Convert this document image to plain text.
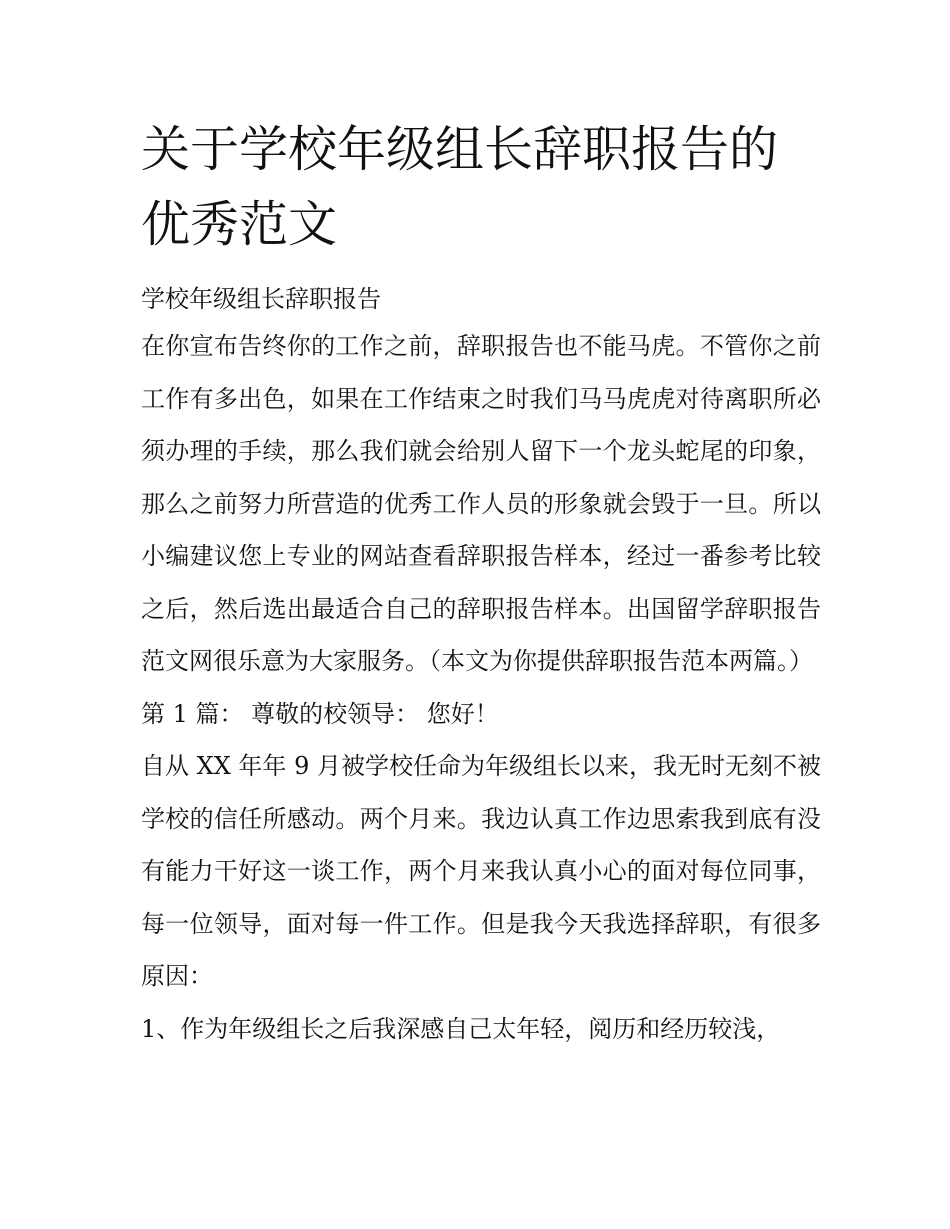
关于学校年级组长辞职报告的优秀范文

学校年级组长辞职报告

在你宣布告终你的工作之前，辞职报告也不能马虎。不管你之前工作有多出色，如果在工作结束之时我们马马虎虎对待离职所必须办理的手续，那么我们就会给别人留下一个龙头蛇尾的印象，那么之前努力所营造的优秀工作人员的形象就会毁于一旦。所以小编建议您上专业的网站查看辞职报告样本，经过一番参考比较之后，然后选出最适合自己的辞职报告样本。出国留学辞职报告范文网很乐意为大家服务。（本文为你提供辞职报告范本两篇。）

第 1 篇： 尊敬的校领导： 您好！

自从 XX 年年 9 月被学校任命为年级组长以来，我无时无刻不被学校的信任所感动。两个月来。我边认真工作边思索我到底有没有能力干好这一谈工作，两个月来我认真小心的面对每位同事，每一位领导，面对每一件工作。但是我今天我选择辞职，有很多原因：

1、作为年级组长之后我深感自己太年轻，阅历和经历较浅，
